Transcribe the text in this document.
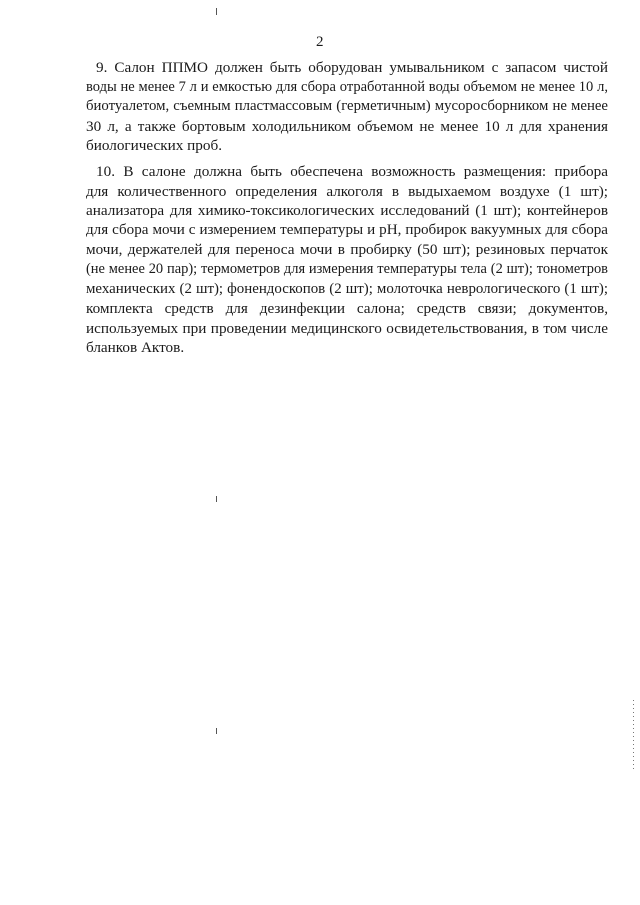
2
9. Салон ППМО должен быть оборудован умывальником с запасом чистой
воды не менее 7 л и емкостью для сбора отработанной воды объемом не менее 10 л,
биотуалетом, съемным пластмассовым (герметичным) мусоросборником не менее
30 л, а также бортовым холодильником объемом не менее 10 л для хранения
биологических проб.
10. В салоне должна быть обеспечена возможность размещения: прибора
для количественного определения алкоголя в выдыхаемом воздухе (1 шт);
анализатора для химико-токсикологических исследований (1 шт); контейнеров
для сбора мочи с измерением температуры и pH, пробирок вакуумных для сбора
мочи, держателей для переноса мочи в пробирку (50 шт); резиновых перчаток
(не менее 20 пар); термометров для измерения температуры тела (2 шт); тонометров
механических (2 шт); фонендоскопов (2 шт); молоточка неврологического (1 шт);
комплекта средств для дезинфекции салона; средств связи; документов,
используемых при проведении медицинского освидетельствования, в том числе
бланков Актов.
